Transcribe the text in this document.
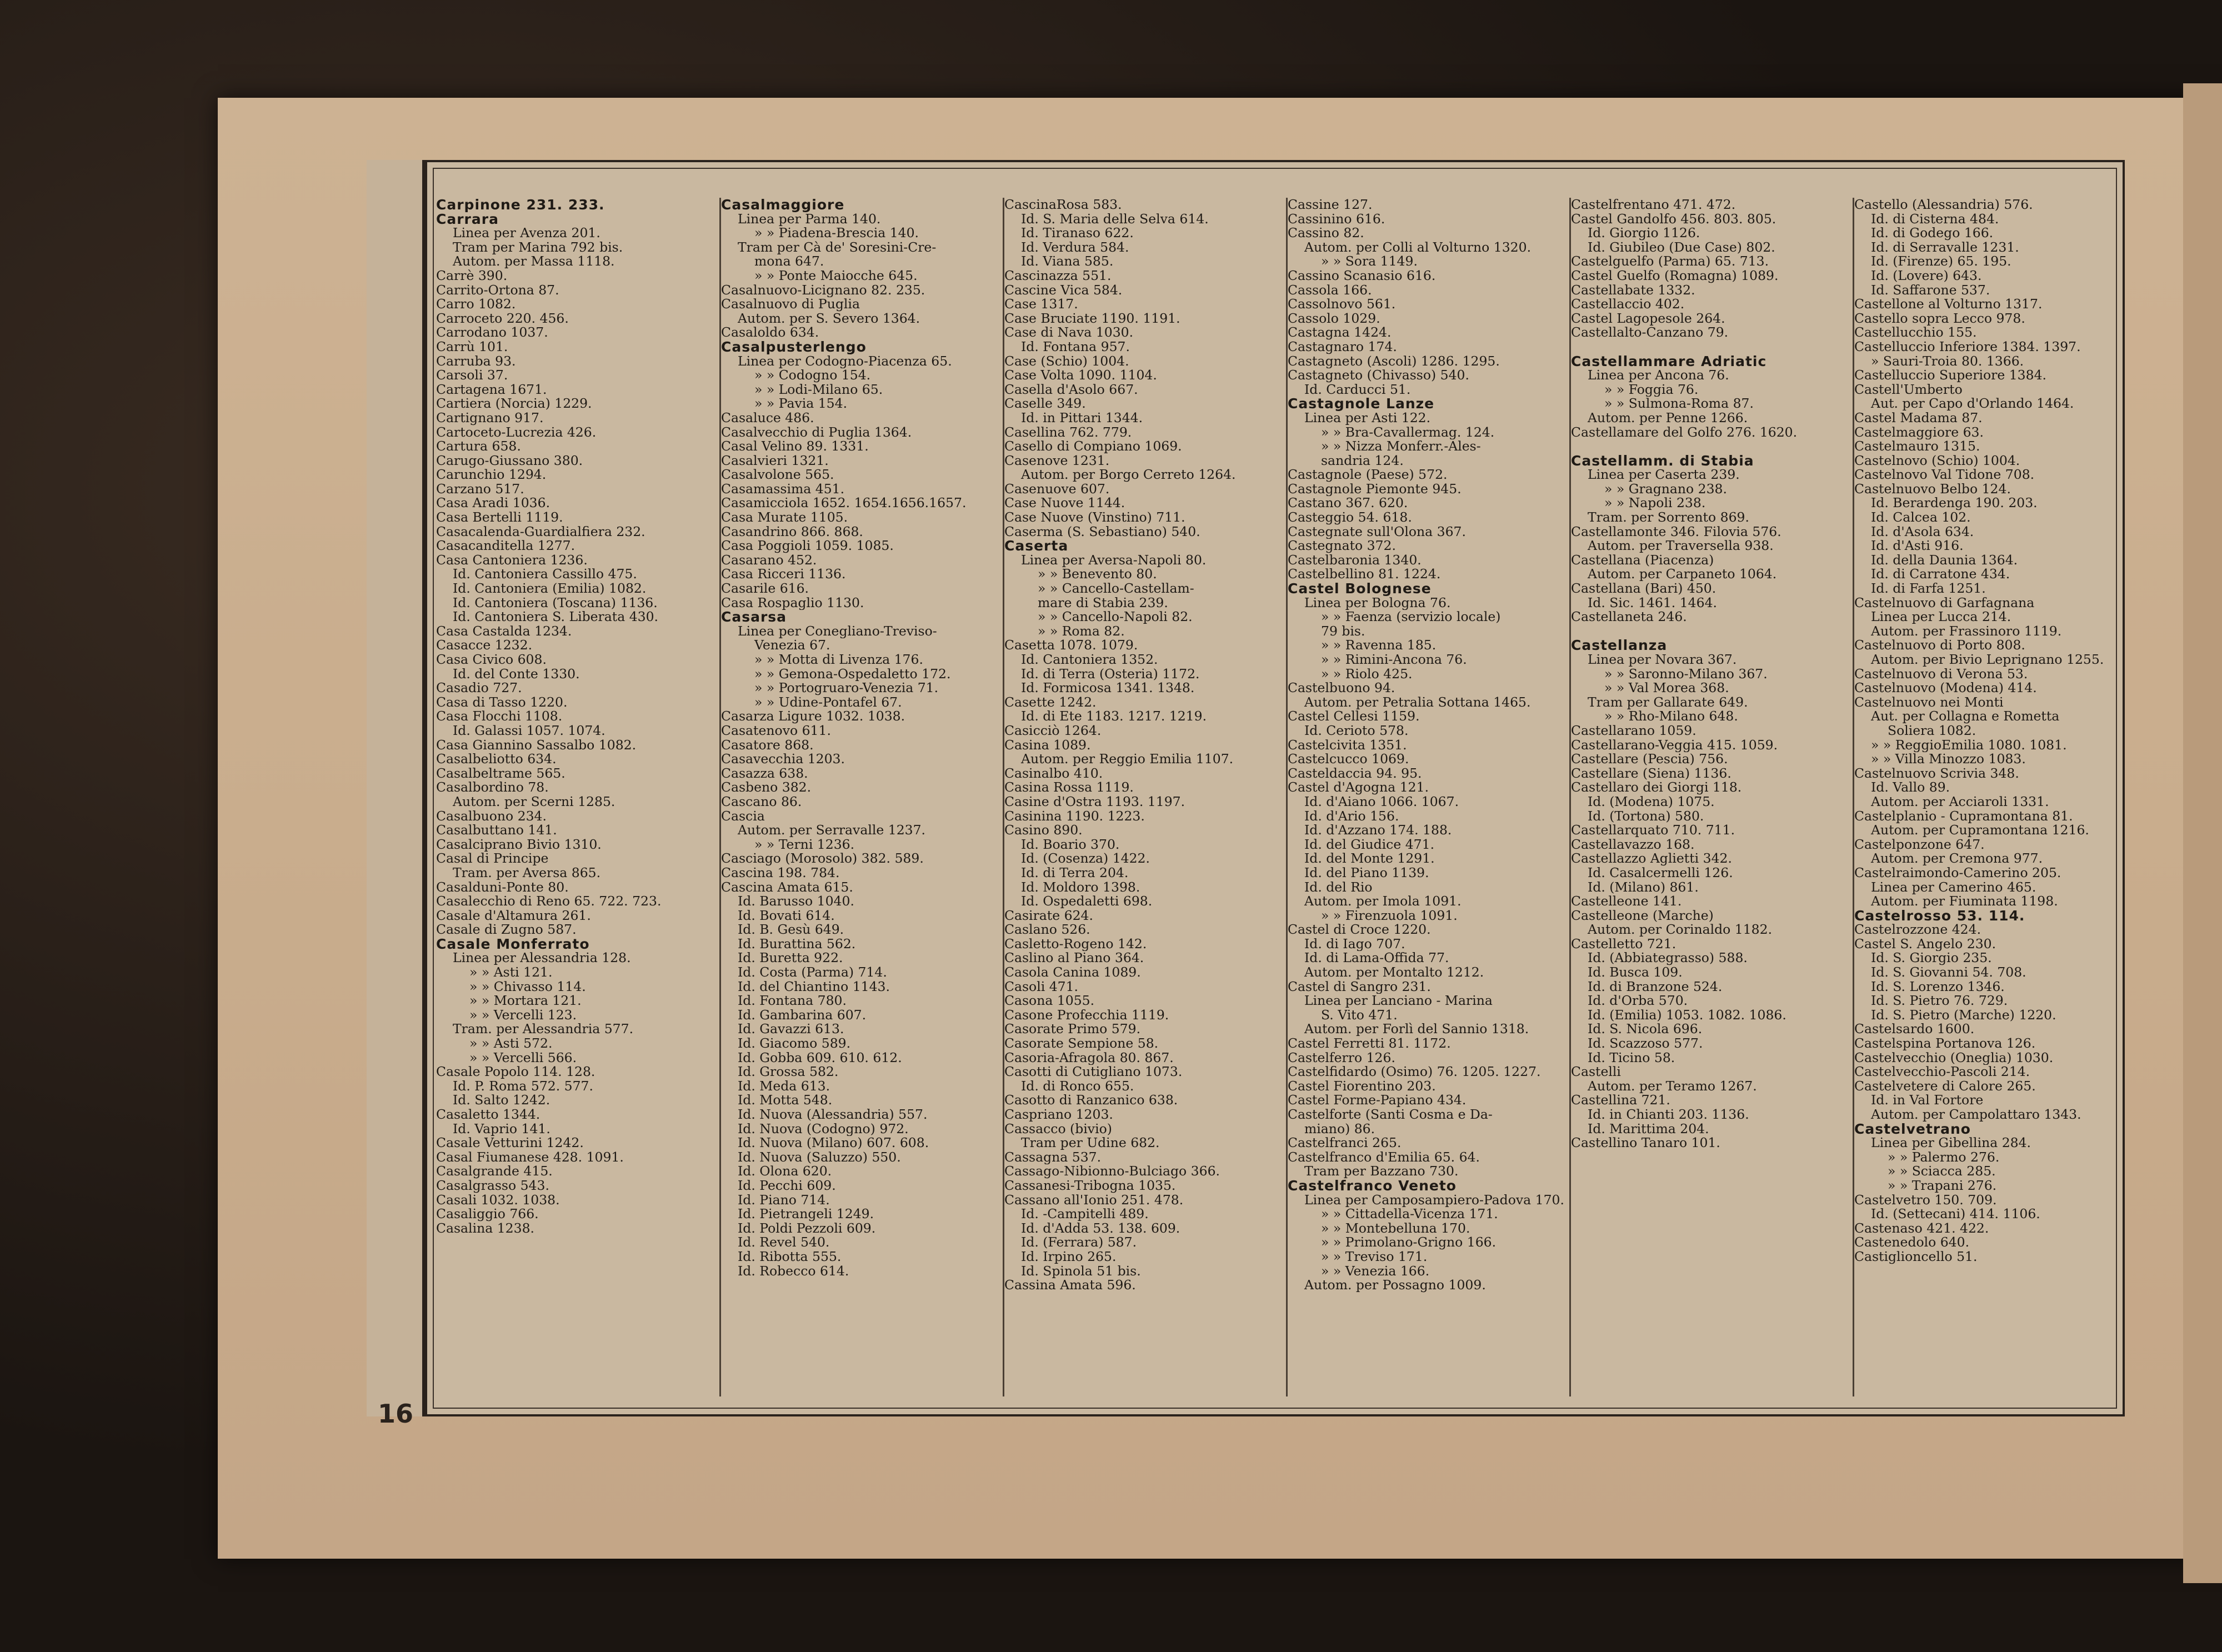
16
Carpinone 231. 233.
Carrara
Linea per Avenza 201.
Tram per Marina 792 bis.
Autom. per Massa 1118.
Carrè 390.
Carrito-Ortona 87.
Carro 1082.
Carroceto 220. 456.
Carrodano 1037.
Carrù 101.
Carruba 93.
Carsoli 37.
Cartagena 1671.
Cartiera (Norcia) 1229.
Cartignano 917.
Cartoceto-Lucrezia 426.
Cartura 658.
Carugo-Giussano 380.
Carunchio 1294.
Carzano 517.
Casa Aradi 1036.
Casa Bertelli 1119.
Casacalenda-Guardialfiera 232.
Casacanditella 1277.
Casa Cantoniera 1236.
Id. Cantoniera Cassillo 475.
Id. Cantoniera (Emilia) 1082.
Id. Cantoniera (Toscana) 1136.
Id. Cantoniera S. Liberata 430.
Casa Castalda 1234.
Casacce 1232.
Casa Civico 608.
Id. del Conte 1330.
Casadio 727.
Casa di Tasso 1220.
Casa Flocchi 1108.
Id. Galassi 1057. 1074.
Casa Giannino Sassalbo 1082.
Casalbeliotto 634.
Casalbeltrame 565.
Casalbordino 78.
Autom. per Scerni 1285.
Casalbuono 234.
Casalbuttano 141.
Casalciprano Bivio 1310.
Casal di Principe
Tram. per Aversa 865.
Casalduni-Ponte 80.
Casalecchio di Reno 65. 722. 723.
Casale d'Altamura 261.
Casale di Zugno 587.
Casale Monferrato
Linea per Alessandria 128.
» » Asti 121.
» » Chivasso 114.
» » Mortara 121.
» » Vercelli 123.
Tram. per Alessandria 577.
» » Asti 572.
» » Vercelli 566.
Casale Popolo 114. 128.
Id. P. Roma 572. 577.
Id. Salto 1242.
Casaletto 1344.
Id. Vaprio 141.
Casale Vetturini 1242.
Casal Fiumanese 428. 1091.
Casalgrande 415.
Casalgrasso 543.
Casali 1032. 1038.
Casaliggio 766.
Casalina 1238.
Casalmaggiore
Linea per Parma 140.
» » Piadena-Brescia 140.
Tram per Cà de' Soresini-Cre-
mona 647.
» » Ponte Maiocche 645.
Casalnuovo-Licignano 82. 235.
Casalnuovo di Puglia
Autom. per S. Severo 1364.
Casaloldo 634.
Casalpusterlengo
Linea per Codogno-Piacenza 65.
» » Codogno 154.
» » Lodi-Milano 65.
» » Pavia 154.
Casaluce 486.
Casalvecchio di Puglia 1364.
Casal Velino 89. 1331.
Casalvieri 1321.
Casalvolone 565.
Casamassima 451.
Casamicciola 1652. 1654.1656.1657.
Casa Murate 1105.
Casandrino 866. 868.
Casa Poggioli 1059. 1085.
Casarano 452.
Casa Ricceri 1136.
Casarile 616.
Casa Rospaglio 1130.
Casarsa
Linea per Conegliano-Treviso-
Venezia 67.
» » Motta di Livenza 176.
» » Gemona-Ospedaletto 172.
» » Portogruaro-Venezia 71.
» » Udine-Pontafel 67.
Casarza Ligure 1032. 1038.
Casatenovo 611.
Casatore 868.
Casavecchia 1203.
Casazza 638.
Casbeno 382.
Cascano 86.
Cascia
Autom. per Serravalle 1237.
» » Terni 1236.
Casciago (Morosolo) 382. 589.
Cascina 198. 784.
Cascina Amata 615.
Id. Barusso 1040.
Id. Bovati 614.
Id. B. Gesù 649.
Id. Burattina 562.
Id. Buretta 922.
Id. Costa (Parma) 714.
Id. del Chiantino 1143.
Id. Fontana 780.
Id. Gambarina 607.
Id. Gavazzi 613.
Id. Giacomo 589.
Id. Gobba 609. 610. 612.
Id. Grossa 582.
Id. Meda 613.
Id. Motta 548.
Id. Nuova (Alessandria) 557.
Id. Nuova (Codogno) 972.
Id. Nuova (Milano) 607. 608.
Id. Nuova (Saluzzo) 550.
Id. Olona 620.
Id. Pecchi 609.
Id. Piano 714.
Id. Pietrangeli 1249.
Id. Poldi Pezzoli 609.
Id. Revel 540.
Id. Ribotta 555.
Id. Robecco 614.
CascinaRosa 583.
Id. S. Maria delle Selva 614.
Id. Tiranaso 622.
Id. Verdura 584.
Id. Viana 585.
Cascinazza 551.
Cascine Vica 584.
Case 1317.
Case Bruciate 1190. 1191.
Case di Nava 1030.
Id. Fontana 957.
Case (Schio) 1004.
Case Volta 1090. 1104.
Casella d'Asolo 667.
Caselle 349.
Id. in Pittari 1344.
Casellina 762. 779.
Casello di Compiano 1069.
Casenove 1231.
Autom. per Borgo Cerreto 1264.
Casenuove 607.
Case Nuove 1144.
Case Nuove (Vinstino) 711.
Caserma (S. Sebastiano) 540.
Caserta
Linea per Aversa-Napoli 80.
» » Benevento 80.
» » Cancello-Castellam-
mare di Stabia 239.
» » Cancello-Napoli 82.
» » Roma 82.
Casetta 1078. 1079.
Id. Cantoniera 1352.
Id. di Terra (Osteria) 1172.
Id. Formicosa 1341. 1348.
Casette 1242.
Id. di Ete 1183. 1217. 1219.
Casicciò 1264.
Casina 1089.
Autom. per Reggio Emilia 1107.
Casinalbo 410.
Casina Rossa 1119.
Casine d'Ostra 1193. 1197.
Casinina 1190. 1223.
Casino 890.
Id. Boario 370.
Id. (Cosenza) 1422.
Id. di Terra 204.
Id. Moldoro 1398.
Id. Ospedaletti 698.
Casirate 624.
Caslano 526.
Casletto-Rogeno 142.
Caslino al Piano 364.
Casola Canina 1089.
Casoli 471.
Casona 1055.
Casone Profecchia 1119.
Casorate Primo 579.
Casorate Sempione 58.
Casoria-Afragola 80. 867.
Casotti di Cutigliano 1073.
Id. di Ronco 655.
Casotto di Ranzanico 638.
Caspriano 1203.
Cassacco (bivio)
Tram per Udine 682.
Cassagna 537.
Cassago-Nibionno-Bulciago 366.
Cassanesi-Tribogna 1035.
Cassano all'Ionio 251. 478.
Id. -Campitelli 489.
Id. d'Adda 53. 138. 609.
Id. (Ferrara) 587.
Id. Irpino 265.
Id. Spinola 51 bis.
Cassina Amata 596.
Cassine 127.
Cassinino 616.
Cassino 82.
Autom. per Colli al Volturno 1320.
» » Sora 1149.
Cassino Scanasio 616.
Cassola 166.
Cassolnovo 561.
Cassolo 1029.
Castagna 1424.
Castagnaro 174.
Castagneto (Ascoli) 1286. 1295.
Castagneto (Chivasso) 540.
Id. Carducci 51.
Castagnole Lanze
Linea per Asti 122.
» » Bra-Cavallermag. 124.
» » Nizza Monferr.-Ales-
sandria 124.
Castagnole (Paese) 572.
Castagnole Piemonte 945.
Castano 367. 620.
Casteggio 54. 618.
Castegnate sull'Olona 367.
Castegnato 372.
Castelbaronia 1340.
Castelbellino 81. 1224.
Castel Bolognese
Linea per Bologna 76.
» » Faenza (servizio locale)
79 bis.
» » Ravenna 185.
» » Rimini-Ancona 76.
» » Riolo 425.
Castelbuono 94.
Autom. per Petralia Sottana 1465.
Castel Cellesi 1159.
Id. Cerioto 578.
Castelcivita 1351.
Castelcucco 1069.
Casteldaccia 94. 95.
Castel d'Agogna 121.
Id. d'Aiano 1066. 1067.
Id. d'Ario 156.
Id. d'Azzano 174. 188.
Id. del Giudice 471.
Id. del Monte 1291.
Id. del Piano 1139.
Id. del Rio
Autom. per Imola 1091.
» » Firenzuola 1091.
Castel di Croce 1220.
Id. di Iago 707.
Id. di Lama-Offida 77.
Autom. per Montalto 1212.
Castel di Sangro 231.
Linea per Lanciano - Marina
S. Vito 471.
Autom. per Forlì del Sannio 1318.
Castel Ferretti 81. 1172.
Castelferro 126.
Castelfidardo (Osimo) 76. 1205. 1227.
Castel Fiorentino 203.
Castel Forme-Papiano 434.
Castelforte (Santi Cosma e Da-
miano) 86.
Castelfranci 265.
Castelfranco d'Emilia 65. 64.
Tram per Bazzano 730.
Castelfranco Veneto
Linea per Camposampiero-Padova 170.
» » Cittadella-Vicenza 171.
» » Montebelluna 170.
» » Primolano-Grigno 166.
» » Treviso 171.
» » Venezia 166.
Autom. per Possagno 1009.
Castelfrentano 471. 472.
Castel Gandolfo 456. 803. 805.
Id. Giorgio 1126.
Id. Giubileo (Due Case) 802.
Castelguelfo (Parma) 65. 713.
Castel Guelfo (Romagna) 1089.
Castellabate 1332.
Castellaccio 402.
Castel Lagopesole 264.
Castellalto-Canzano 79.

Castellammare Adriatic
Linea per Ancona 76.
» » Foggia 76.
» » Sulmona-Roma 87.
Autom. per Penne 1266.
Castellamare del Golfo 276. 1620.

Castellamm. di Stabia
Linea per Caserta 239.
» » Gragnano 238.
» » Napoli 238.
Tram. per Sorrento 869.
Castellamonte 346. Filovia 576.
Autom. per Traversella 938.
Castellana (Piacenza)
Autom. per Carpaneto 1064.
Castellana (Bari) 450.
Id. Sic. 1461. 1464.
Castellaneta 246.

Castellanza
Linea per Novara 367.
» » Saronno-Milano 367.
» » Val Morea 368.
Tram per Gallarate 649.
» » Rho-Milano 648.
Castellarano 1059.
Castellarano-Veggia 415. 1059.
Castellare (Pescia) 756.
Castellare (Siena) 1136.
Castellaro dei Giorgi 118.
Id. (Modena) 1075.
Id. (Tortona) 580.
Castellarquato 710. 711.
Castellavazzo 168.
Castellazzo Aglietti 342.
Id. Casalcermelli 126.
Id. (Milano) 861.
Castelleone 141.
Castelleone (Marche)
Autom. per Corinaldo 1182.
Castelletto 721.
Id. (Abbiategrasso) 588.
Id. Busca 109.
Id. di Branzone 524.
Id. d'Orba 570.
Id. (Emilia) 1053. 1082. 1086.
Id. S. Nicola 696.
Id. Scazzoso 577.
Id. Ticino 58.
Castelli
Autom. per Teramo 1267.
Castellina 721.
Id. in Chianti 203. 1136.
Id. Marittima 204.
Castellino Tanaro 101.
Castello (Alessandria) 576.
Id. di Cisterna 484.
Id. di Godego 166.
Id. di Serravalle 1231.
Id. (Firenze) 65. 195.
Id. (Lovere) 643.
Id. Saffarone 537.
Castellone al Volturno 1317.
Castello sopra Lecco 978.
Castellucchio 155.
Castelluccio Inferiore 1384. 1397.
» Sauri-Troia 80. 1366.
Castelluccio Superiore 1384.
Castell'Umberto
Aut. per Capo d'Orlando 1464.
Castel Madama 87.
Castelmaggiore 63.
Castelmauro 1315.
Castelnovo (Schio) 1004.
Castelnovo Val Tidone 708.
Castelnuovo Belbo 124.
Id. Berardenga 190. 203.
Id. Calcea 102.
Id. d'Asola 634.
Id. d'Asti 916.
Id. della Daunia 1364.
Id. di Carratone 434.
Id. di Farfa 1251.
Castelnuovo di Garfagnana
Linea per Lucca 214.
Autom. per Frassinoro 1119.
Castelnuovo di Porto 808.
Autom. per Bivio Leprignano 1255.
Castelnuovo di Verona 53.
Castelnuovo (Modena) 414.
Castelnuovo nei Monti
Aut. per Collagna e Rometta
Soliera 1082.
» » ReggioEmilia 1080. 1081.
» » Villa Minozzo 1083.
Castelnuovo Scrivia 348.
Id. Vallo 89.
Autom. per Acciaroli 1331.
Castelplanio - Cupramontana 81.
Autom. per Cupramontana 1216.
Castelponzone 647.
Autom. per Cremona 977.
Castelraimondo-Camerino 205.
Linea per Camerino 465.
Autom. per Fiuminata 1198.
Castelrosso 53. 114.
Castelrozzone 424.
Castel S. Angelo 230.
Id. S. Giorgio 235.
Id. S. Giovanni 54. 708.
Id. S. Lorenzo 1346.
Id. S. Pietro 76. 729.
Id. S. Pietro (Marche) 1220.
Castelsardo 1600.
Castelspina Portanova 126.
Castelvecchio (Oneglia) 1030.
Castelvecchio-Pascoli 214.
Castelvetere di Calore 265.
Id. in Val Fortore
Autom. per Campolattaro 1343.
Castelvetrano
Linea per Gibellina 284.
» » Palermo 276.
» » Sciacca 285.
» » Trapani 276.
Castelvetro 150. 709.
Id. (Settecani) 414. 1106.
Castenaso 421. 422.
Castenedolo 640.
Castiglioncello 51.
